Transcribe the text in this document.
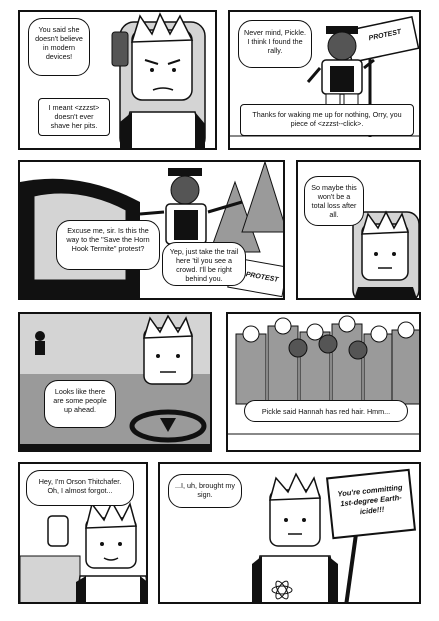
You said she doesn't believe in modern devices!
I meant <zzzst> doesn't ever shave her pits.
PROTEST
Never mind, Pickle. I think I found the rally.
Thanks for waking me up for nothing, Orry, you piece of <zzzst--click>.
PROTEST
Excuse me, sir. Is this the way to the "Save the Horn Hook Termite" protest?	Yep, just take the trail here 'til you see a crowd. I'll be right behind you.
So maybe this won't be a total loss after all.
Looks like there are some people up ahead.	Pickle said Hannah has red hair. Hmm...
Hey, I'm Orson Thitchafer. Oh, I almost forgot...	You're committing 1st-degree Earth-icide!!!
...I, uh, brought my sign.
